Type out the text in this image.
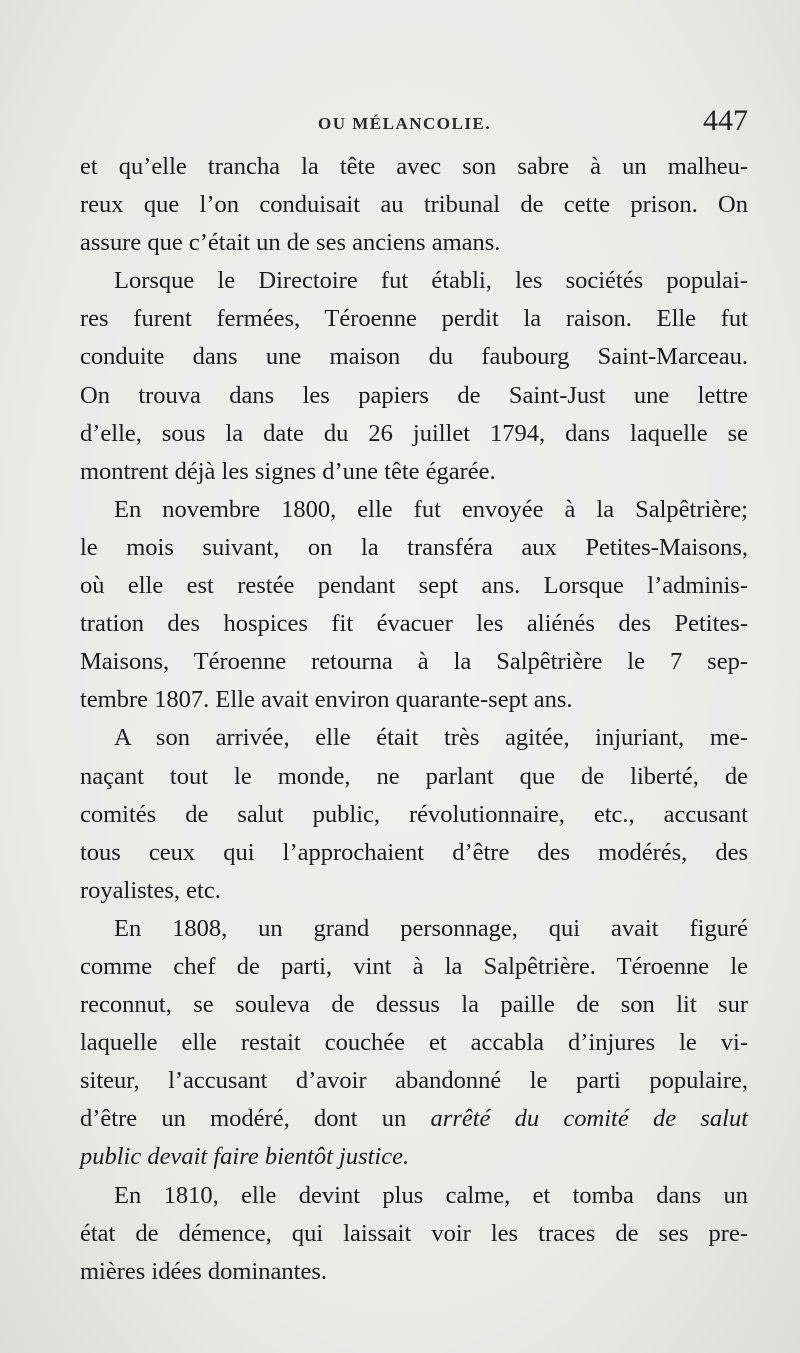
OU MÉLANCOLIE.	447
et qu’elle trancha la tête avec son sabre à un malheu-
reux que l’on conduisait au tribunal de cette prison. On
assure que c’était un de ses anciens amans.
Lorsque le Directoire fut établi, les sociétés populai-
res furent fermées, Téroenne perdit la raison. Elle fut
conduite dans une maison du faubourg Saint-Marceau.
On trouva dans les papiers de Saint-Just une lettre
d’elle, sous la date du 26 juillet 1794, dans laquelle se
montrent déjà les signes d’une tête égarée.
En novembre 1800, elle fut envoyée à la Salpêtrière;
le mois suivant, on la transféra aux Petites-Maisons,
où elle est restée pendant sept ans. Lorsque l’adminis-
tration des hospices fit évacuer les aliénés des Petites-
Maisons, Téroenne retourna à la Salpêtrière le 7 sep-
tembre 1807. Elle avait environ quarante-sept ans.
A son arrivée, elle était très agitée, injuriant, me-
naçant tout le monde, ne parlant que de liberté, de
comités de salut public, révolutionnaire, etc., accusant
tous ceux qui l’approchaient d’être des modérés, des
royalistes, etc.
En 1808, un grand personnage, qui avait figuré
comme chef de parti, vint à la Salpêtrière. Téroenne le
reconnut, se souleva de dessus la paille de son lit sur
laquelle elle restait couchée et accabla d’injures le vi-
siteur, l’accusant d’avoir abandonné le parti populaire,
d’être un modéré, dont un arrêté du comité de salut
public devait faire bientôt justice.
En 1810, elle devint plus calme, et tomba dans un
état de démence, qui laissait voir les traces de ses pre-
mières idées dominantes.
